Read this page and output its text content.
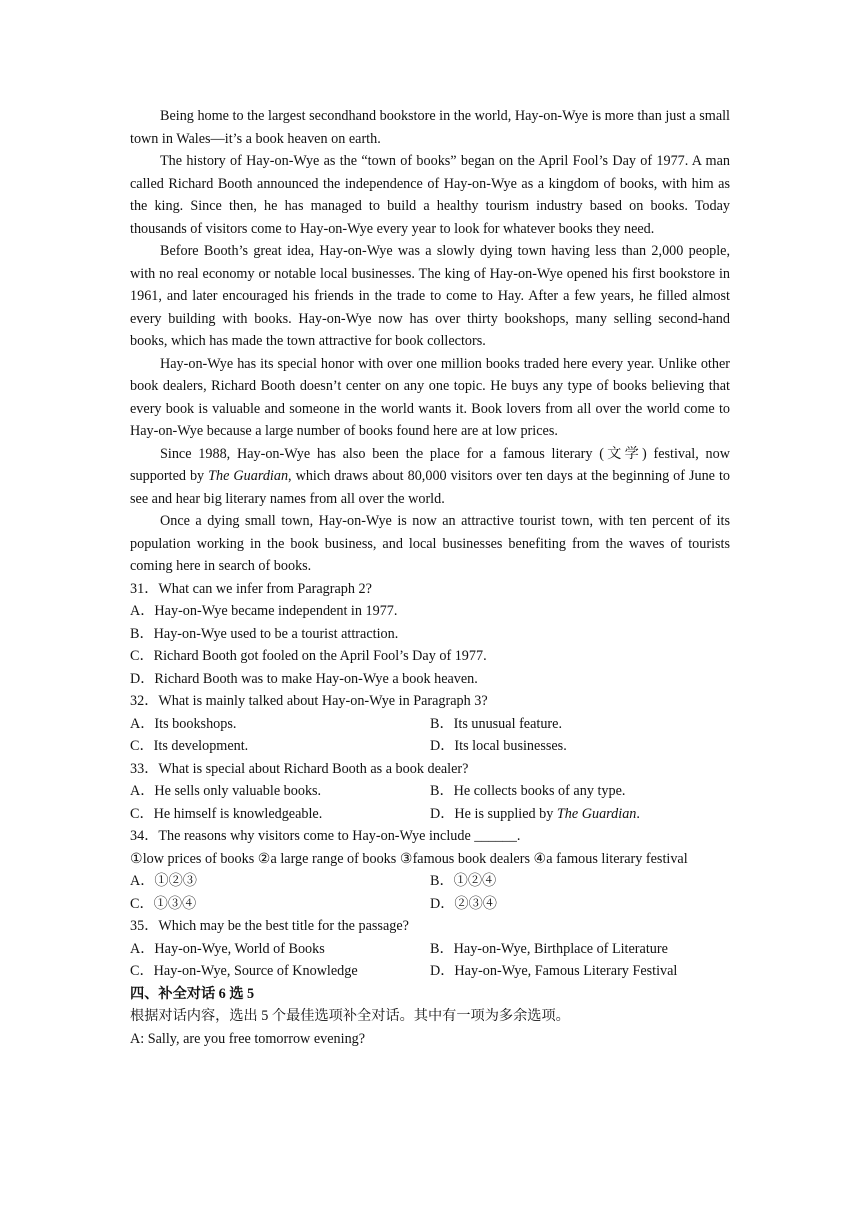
Being home to the largest secondhand bookstore in the world, Hay-on-Wye is more than just a small town in Wales—it’s a book heaven on earth.

The history of Hay-on-Wye as the “town of books” began on the April Fool’s Day of 1977. A man called Richard Booth announced the independence of Hay-on-Wye as a kingdom of books, with him as the king. Since then, he has managed to build a healthy tourism industry based on books. Today thousands of visitors come to Hay-on-Wye every year to look for whatever books they need.

Before Booth’s great idea, Hay-on-Wye was a slowly dying town having less than 2,000 people, with no real economy or notable local businesses. The king of Hay-on-Wye opened his first bookstore in 1961, and later encouraged his friends in the trade to come to Hay. After a few years, he filled almost every building with books. Hay-on-Wye now has over thirty bookshops, many selling second-hand books, which has made the town attractive for book collectors.

Hay-on-Wye has its special honor with over one million books traded here every year. Unlike other book dealers, Richard Booth doesn’t center on any one topic. He buys any type of books believing that every book is valuable and someone in the world wants it. Book lovers from all over the world come to Hay-on-Wye because a large number of books found here are at low prices.

Since 1988, Hay-on-Wye has also been the place for a famous literary (文学) festival, now supported by The Guardian, which draws about 80,000 visitors over ten days at the beginning of June to see and hear big literary names from all over the world.

Once a dying small town, Hay-on-Wye is now an attractive tourist town, with ten percent of its population working in the book business, and local businesses benefiting from the waves of tourists coming here in search of books.

31．What can we infer from Paragraph 2?

A．Hay-on-Wye became independent in 1977.

B．Hay-on-Wye used to be a tourist attraction.

C．Richard Booth got fooled on the April Fool’s Day of 1977.

D．Richard Booth was to make Hay-on-Wye a book heaven.

32．What is mainly talked about Hay-on-Wye in Paragraph 3?

A．Its bookshops.	B．Its unusual feature.
C．Its development.	D．Its local businesses.

33．What is special about Richard Booth as a book dealer?

A．He sells only valuable books.	B．He collects books of any type.
C．He himself is knowledgeable.	D．He is supplied by The Guardian.

34．The reasons why visitors come to Hay-on-Wye include ______.

①low prices of books ②a large range of books ③famous book dealers ④a famous literary festival

A．①②③	B．①②④
C．①③④	D．②③④

35．Which may be the best title for the passage?

A．Hay-on-Wye, World of Books	B．Hay-on-Wye, Birthplace of Literature
C．Hay-on-Wye, Source of Knowledge	D．Hay-on-Wye, Famous Literary Festival

四、补全对话 6 选 5

根据对话内容，选出 5 个最佳选项补全对话。其中有一项为多余选项。

A: Sally, are you free tomorrow evening?
